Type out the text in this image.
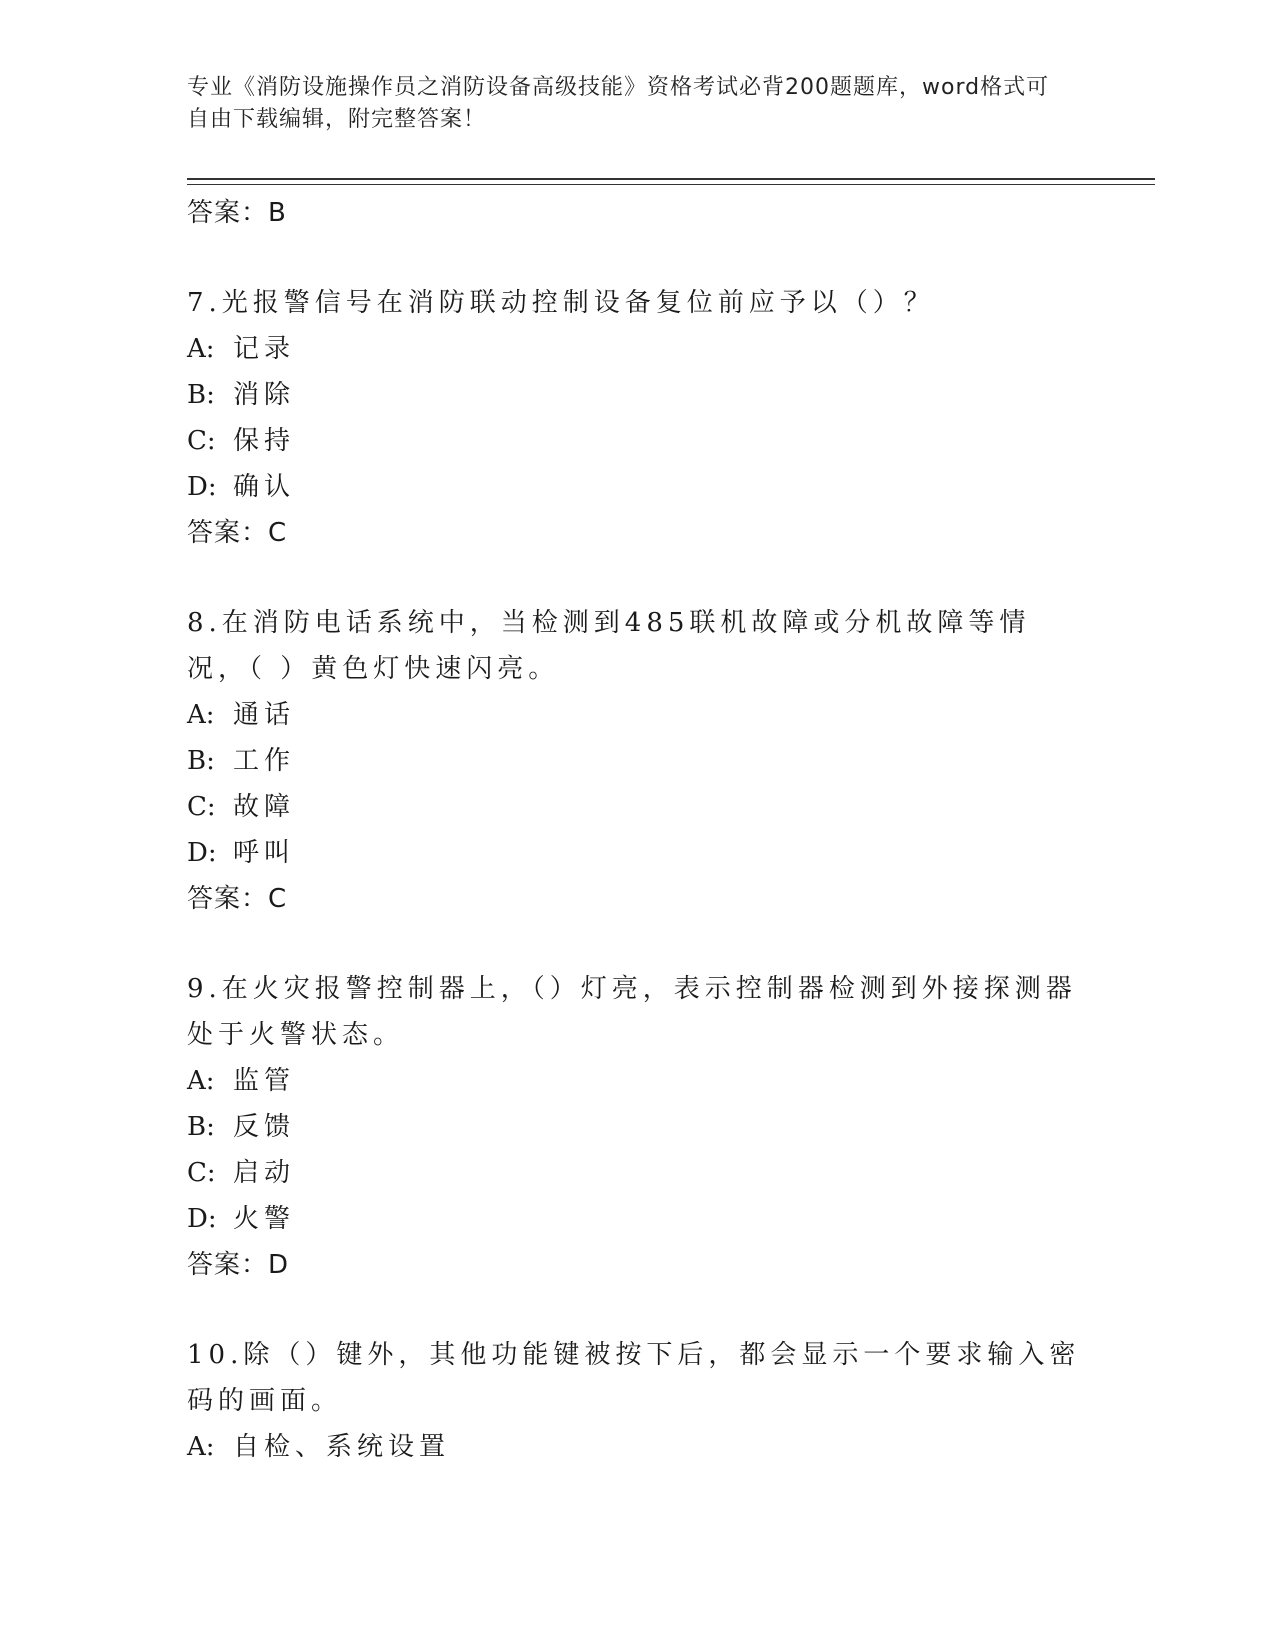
专业《消防设施操作员之消防设备高级技能》资格考试必背200题题库，word格式可自由下载编辑，附完整答案！
答案：B
7.光报警信号在消防联动控制设备复位前应予以（）？
A: 记录
B: 消除
C: 保持
D: 确认
答案：C
8.在消防电话系统中，当检测到485联机故障或分机故障等情况，（ ）黄色灯快速闪亮。
A: 通话
B: 工作
C: 故障
D: 呼叫
答案：C
9.在火灾报警控制器上，（）灯亮，表示控制器检测到外接探测器处于火警状态。
A: 监管
B: 反馈
C: 启动
D: 火警
答案：D
10.除（）键外，其他功能键被按下后，都会显示一个要求输入密码的画面。
A: 自检、系统设置
